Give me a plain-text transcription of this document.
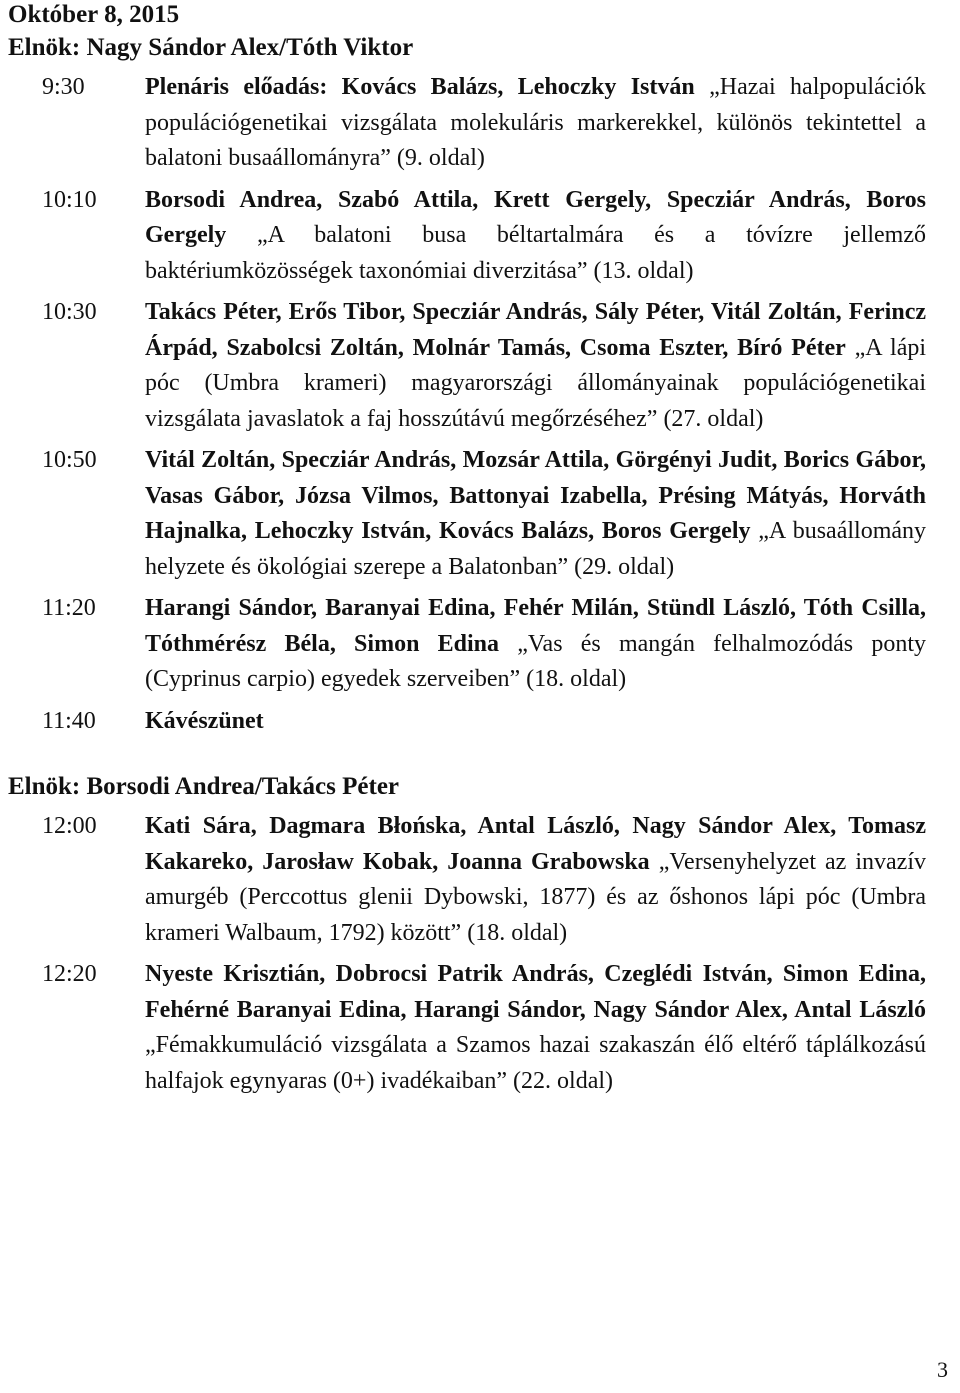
Október 8, 2015
Elnök: Nagy Sándor Alex/Tóth Viktor
9:30	Plenáris előadás: Kovács Balázs, Lehoczky István „Hazai halpopulációk populációgenetikai vizsgálata molekuláris markerekkel, különös tekintettel a balatoni busaállományra” (9. oldal)
10:10	Borsodi Andrea, Szabó Attila, Krett Gergely, Specziár András, Boros Gergely „A balatoni busa béltartalmára és a tóvízre jellemző baktériumközösségek taxonómiai diverzitása” (13. oldal)
10:30	Takács Péter, Erős Tibor, Specziár András, Sály Péter, Vitál Zoltán, Ferincz Árpád, Szabolcsi Zoltán, Molnár Tamás, Csoma Eszter, Bíró Péter „A lápi póc (Umbra krameri) magyarországi állományainak populációgenetikai vizsgálata javaslatok a faj hosszútávú megőrzéséhez” (27. oldal)
10:50	Vitál Zoltán, Specziár András, Mozsár Attila, Görgényi Judit, Borics Gábor, Vasas Gábor, Józsa Vilmos, Battonyai Izabella, Présing Mátyás, Horváth Hajnalka, Lehoczky István, Kovács Balázs, Boros Gergely „A busaállomány helyzete és ökológiai szerepe a Balatonban” (29. oldal)
11:20	Harangi Sándor, Baranyai Edina, Fehér Milán, Stündl László, Tóth Csilla, Tóthmérész Béla, Simon Edina „Vas és mangán felhalmozódás ponty (Cyprinus carpio) egyedek szerveiben” (18. oldal)
11:40	Kávészünet
Elnök: Borsodi Andrea/Takács Péter
12:00	Kati Sára, Dagmara Błońska, Antal László, Nagy Sándor Alex, Tomasz Kakareko, Jarosław Kobak, Joanna Grabowska „Versenyhelyzet az invazív amurgéb (Perccottus glenii Dybowski, 1877) és az őshonos lápi póc (Umbra krameri Walbaum, 1792) között” (18. oldal)
12:20	Nyeste Krisztián, Dobrocsi Patrik András, Czeglédi István, Simon Edina, Fehérné Baranyai Edina, Harangi Sándor, Nagy Sándor Alex, Antal László „Fémakkumuláció vizsgálata a Szamos hazai szakaszán élő eltérő táplálkozású halfajok egynyaras (0+) ivadékaiban” (22. oldal)
3
